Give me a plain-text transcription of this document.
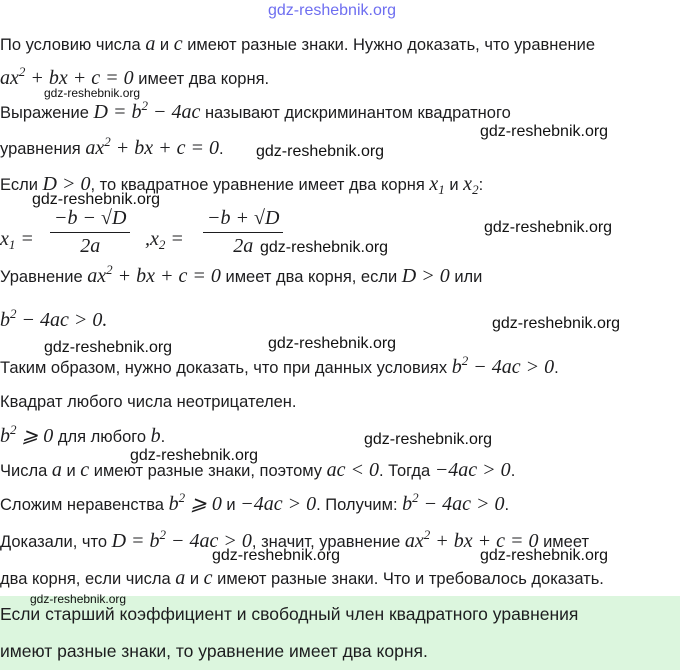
gdz-reshebnik.org
По условию числа a и c имеют разные знаки. Нужно доказать, что уравнение
$ax^2$ + bx + c = 0 имеет два корня.
gdz-reshebnik.org
Выражение $D = b^2 - 4ac$ называют дискриминантом квадратного
gdz-reshebnik.org
уравнения $ax^2$ + bx + c = 0. gdz-reshebnik.org
Если D > 0, то квадратное уравнение имеет два корня $x_1$ и $x_2$:
gdz-reshebnik.org
$x_1 = \frac{-b - √D}{2a} ,x_2 = \frac{-b + √D}{2a}$	gdz-reshebnik.org
gdz-reshebnik.org
Уравнение $ax^2$ + bx + c = 0 имеет два корня, если D > 0 или
$b^2 - 4ac > 0$.	gdz-reshebnik.org
gdz-reshebnik.org	gdz-reshebnik.org
Таким образом, нужно доказать, что при данных условиях $b^2 - 4ac > 0$.
Квадрат любого числа неотрицателен.
$b^2$ ⩾ 0 для любого b.	gdz-reshebnik.org
gdz-reshebnik.org
Числа a и c имеют разные знаки, поэтому ac < 0. Тогда −4ac > 0.
Сложим неравенства $b^2$ ⩾ 0 и −4ac > 0. Получим: $b^2 - 4ac > 0$.
Доказали, что $D = b^2 - 4ac > 0$, значит, уравнение $ax^2$ + bx + c = 0 имеет
gdz-reshebnik.org	gdz-reshebnik.org
два корня, если числа a и c имеют разные знаки. Что и требовалось доказать.
Если старший коэффициент и свободный член квадратного уравнения
имеют разные знаки, то уравнение имеет два корня.
gdz-reshebnik.org
